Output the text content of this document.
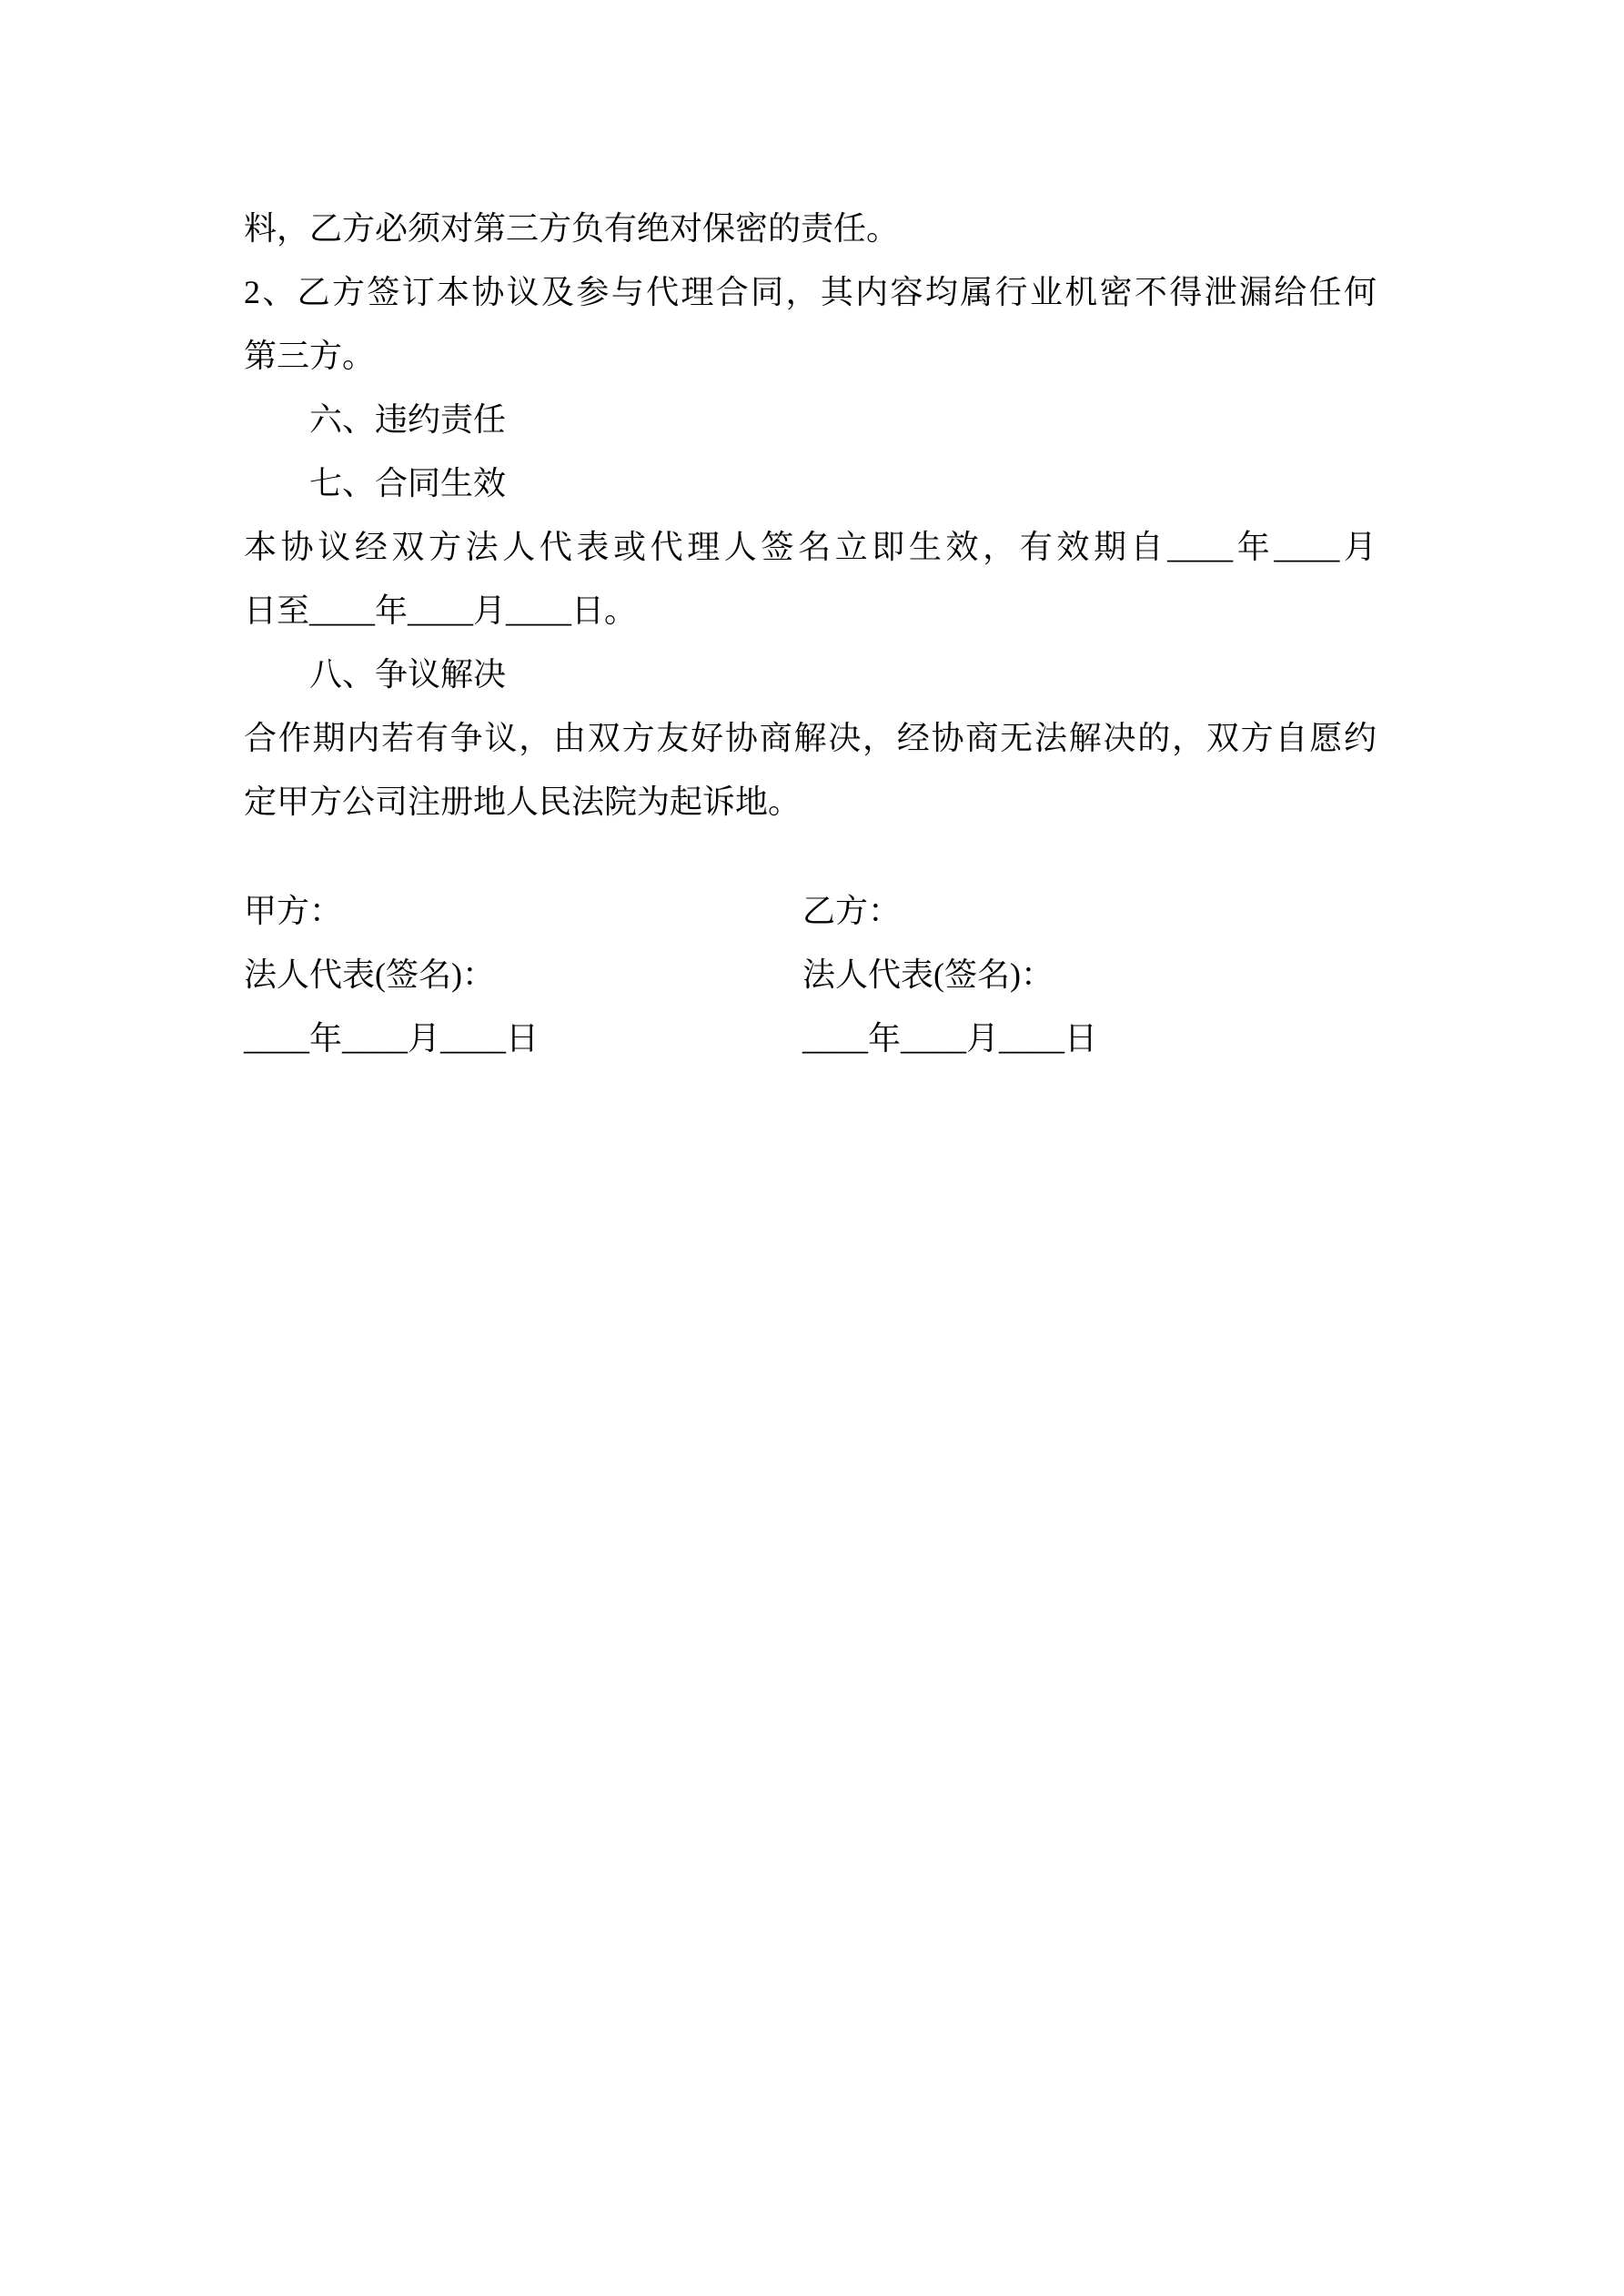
料，乙方必须对第三方负有绝对保密的责任。
2、乙方签订本协议及参与代理合同，其内容均属行业机密不得泄漏给任何
第三方。
六、违约责任
七、合同生效
本协议经双方法人代表或代理人签名立即生效，有效期自____年____月
日至____年____月____日。
八、争议解决
合作期内若有争议，由双方友好协商解决，经协商无法解决的，双方自愿约
定甲方公司注册地人民法院为起诉地。
甲方：
法人代表(签名)：
____年____月____日
乙方：
法人代表(签名)：
____年____月____日
